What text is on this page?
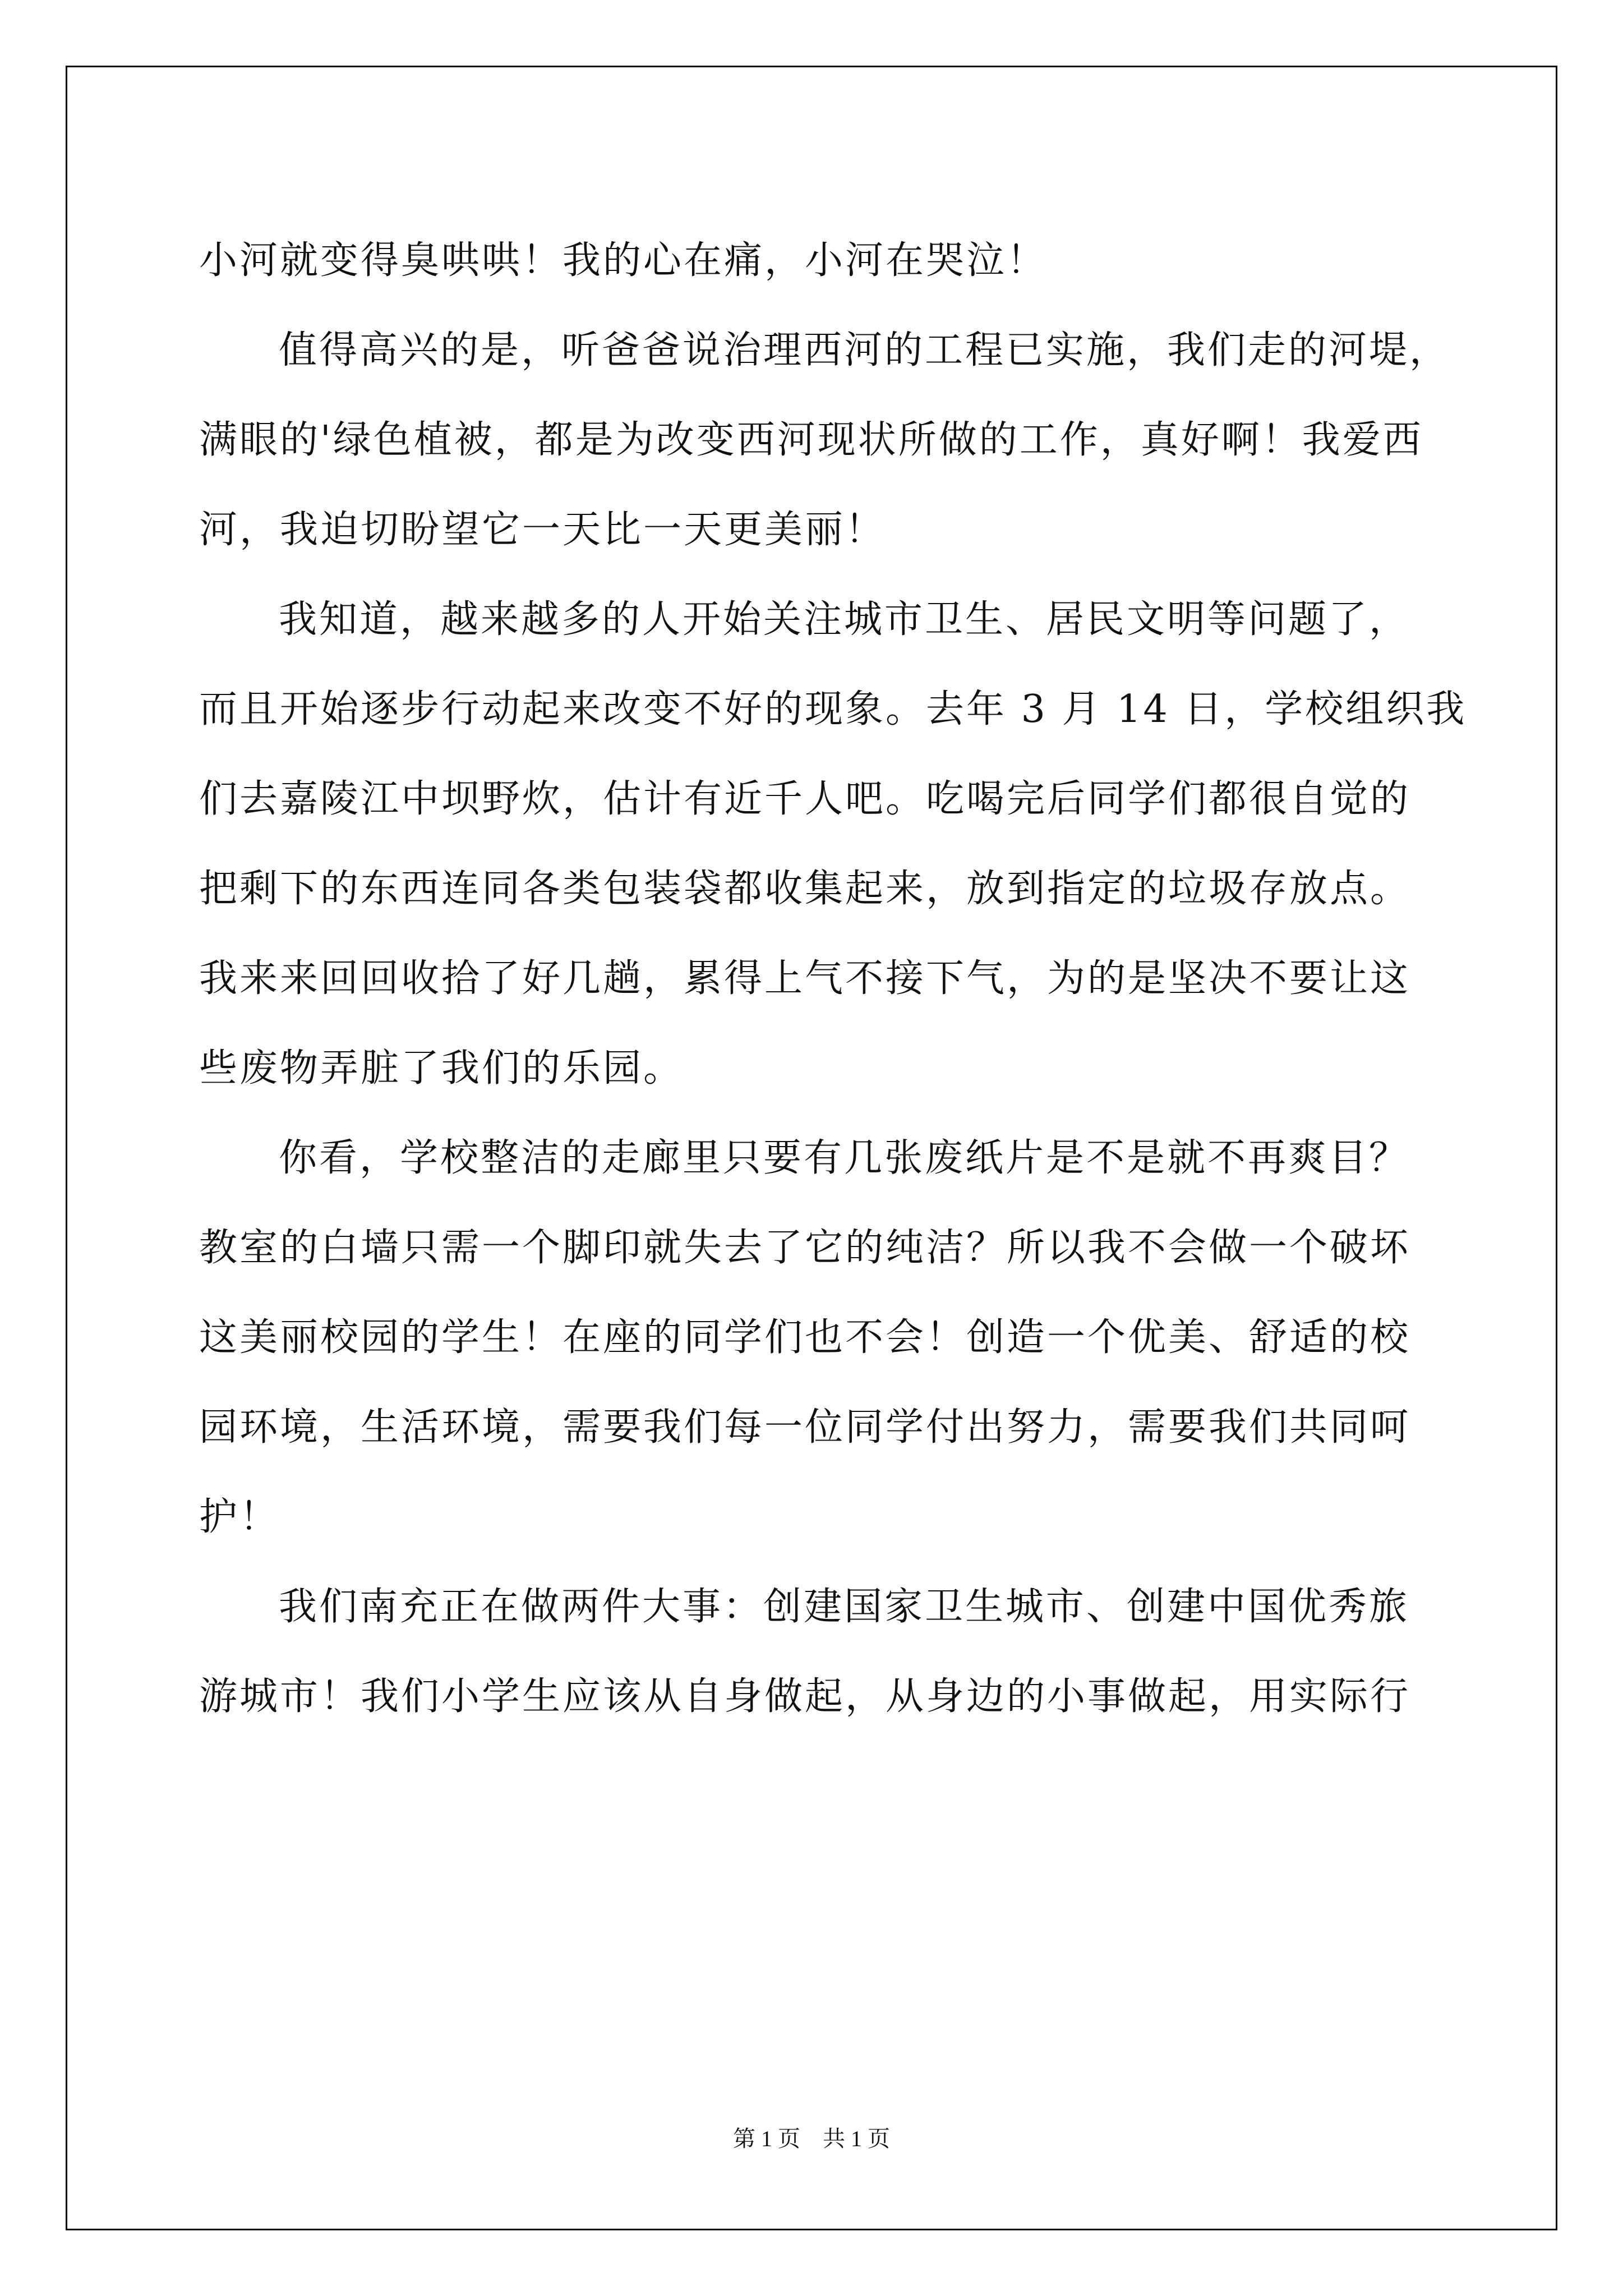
小河就变得臭哄哄！我的心在痛，小河在哭泣！
值得高兴的是，听爸爸说治理西河的工程已实施，我们走的河堤，
满眼的'绿色植被，都是为改变西河现状所做的工作，真好啊！我爱西
河，我迫切盼望它一天比一天更美丽！
我知道，越来越多的人开始关注城市卫生、居民文明等问题了，
而且开始逐步行动起来改变不好的现象。去年 3 月 14 日，学校组织我
们去嘉陵江中坝野炊，估计有近千人吧。吃喝完后同学们都很自觉的
把剩下的东西连同各类包装袋都收集起来，放到指定的垃圾存放点。
我来来回回收拾了好几趟，累得上气不接下气，为的是坚决不要让这
些废物弄脏了我们的乐园。
你看，学校整洁的走廊里只要有几张废纸片是不是就不再爽目？
教室的白墙只需一个脚印就失去了它的纯洁？所以我不会做一个破坏
这美丽校园的学生！在座的同学们也不会！创造一个优美、舒适的校
园环境，生活环境，需要我们每一位同学付出努力，需要我们共同呵
护！
我们南充正在做两件大事：创建国家卫生城市、创建中国优秀旅
游城市！我们小学生应该从自身做起，从身边的小事做起，用实际行
第 1 页　共 1 页
